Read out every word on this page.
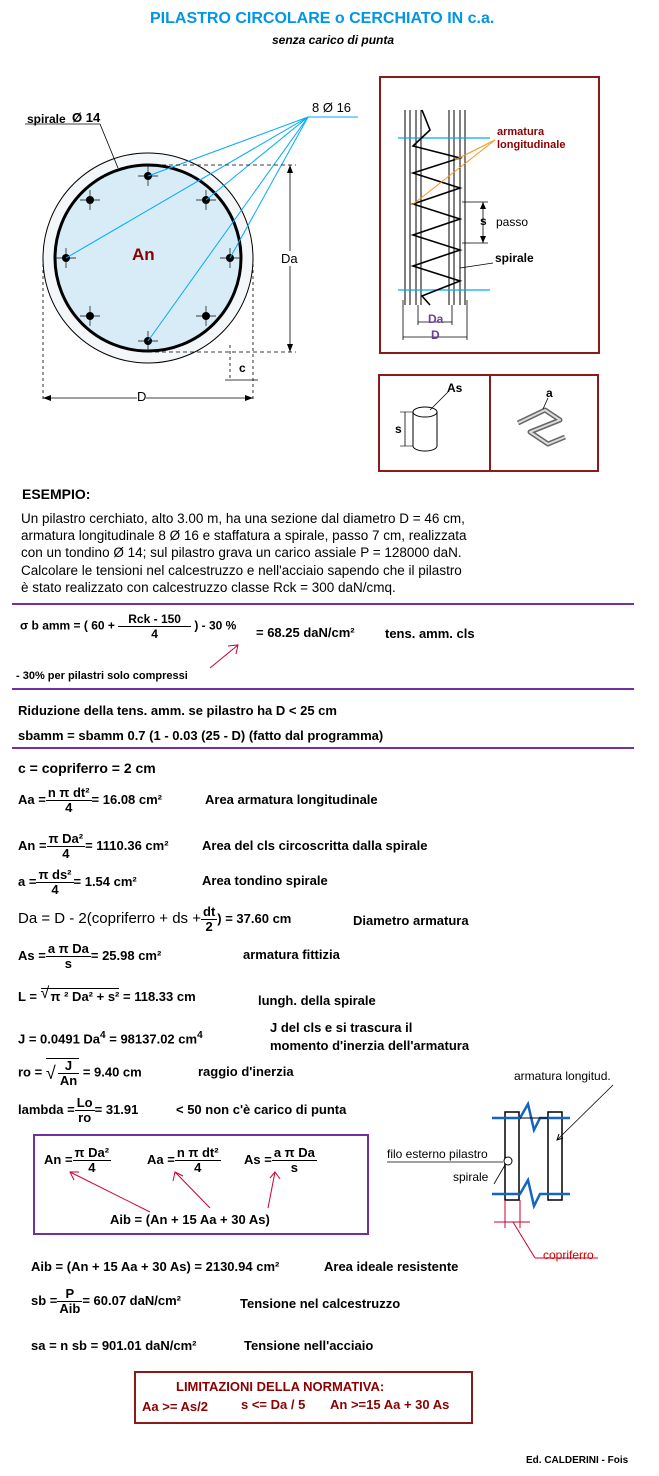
PILASTRO CIRCOLARE o CERCHIATO IN c.a.
senza carico di punta
spirale Ø 14
8 Ø 16
An	Da
c
D
armatura
longitudinale
s passo
spirale
Da
D
As
s
a
ESEMPIO:
Un pilastro cerchiato, alto 3.00 m, ha una sezione dal diametro D = 46 cm,
armatura longitudinale 8 Ø 16 e staffatura a spirale, passo 7 cm, realizzata
con un tondino Ø 14; sul pilastro grava un carico assiale P = 128000 daN.
Calcolare le tensioni nel calcestruzzo e nell'acciaio sapendo che il pilastro
è stato realizzato con calcestruzzo classe Rck = 300 daN/cmq.
σ b amm = ( $60 + \frac{\text{Rck - 150}}{4}$ ) - 30 % = 68.25 daN/cm² tens. amm. cls
- 30% per pilastri solo compressi
Riduzione della tens. amm. se pilastro ha D < 25 cm
sbamm = sbamm 0.7 (1 - 0.03 (25 - D) (fatto dal programma)
c = copriferro = 2 cm
$Aa = \frac{\text{n π dt²}}{4} = 16.08$ cm²	Area armatura longitudinale
$An = \frac{\text{π Da²}}{4} = 1110.36$ cm²	Area del cls circoscritta dalla spirale
$a = \frac{\text{π ds²}}{4} = 1.54$ cm²	Area tondino spirale
Da = D - 2(copriferro + ds + $\frac{dt}{2}$ ) = 37.60 cm	Diametro armatura
$As = \frac{\text{a π Da}}{s} = 25.98$ cm²	armatura fittizia
L = √ π ² Da² + s² = 118.33 cm	lungh. della spirale
J = 0.0491 $Da^4 = 98137.02$ $cm^4$
J del cls e si trascura il
momento d'inerzia dell'armatura
ro = √ $\frac{J}{An} = 9.40$ cm	raggio d'inerzia
lambda = $\frac{Lo}{ro} = 31.91$	< 50 non c'è carico di punta
$An = \frac{\text{π Da²}}{4}$	$Aa = \frac{\text{n π dt²}}{4}$ $As = \frac{\text{a π Da}}{s}$
Aib = (An + 15 Aa + 30 As)
armatura longitud.
filo esterno pilastro
spirale
copriferro
Aib = (An + 15 Aa + 30 As) = 2130.94 cm²	Area ideale resistente
sb = $\frac{P}{\text{Aib}} = 60.07$ daN/cm²	Tensione nel calcestruzzo
sa = n sb = 901.01 daN/cm²	Tensione nell'acciaio
LIMITAZIONI DELLA NORMATIVA:
Aa >= As/2	s <= Da / 5 An >=15 Aa + 30 As
Ed. CALDERINI - Fois
